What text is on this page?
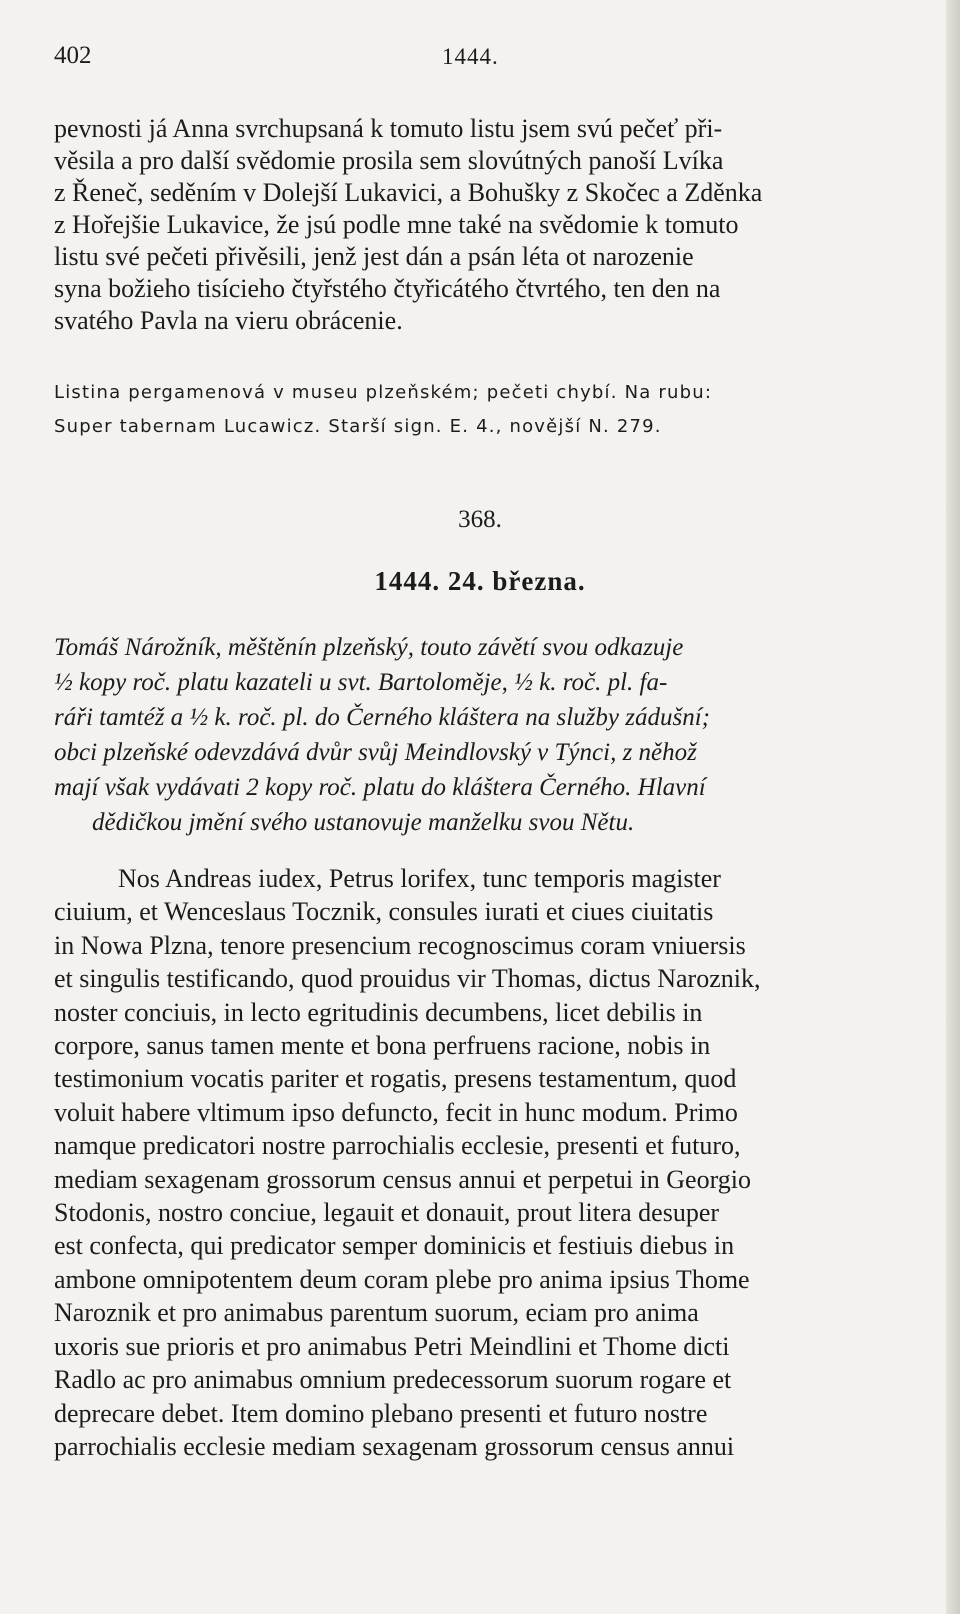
402	1444.

pevnosti já Anna svrchupsaná k tomuto listu jsem svú pečeť při-

věsila a pro další svědomie prosila sem slovútných panoší Lvíka

z Řeneč, seděním v Dolejší Lukavici, a Bohušky z Skočec a Zděnka

z Hořejšie Lukavice, že jsú podle mne také na svědomie k tomuto

listu své pečeti přivěsili, jenž jest dán a psán léta ot narozenie

syna božieho tisícieho čtyřstého čtyřicátého čtvrtého, ten den na

svatého Pavla na vieru obrácenie.

Listina pergamenová v museu plzeňském; pečeti chybí. Na rubu:

Super tabernam Lucawicz. Starší sign. E. 4., novější N. 279.

368.
1444. 24. března.

Tomáš Nárožník, měštěnín plzeňský, touto závětí svou odkazuje

½ kopy roč. platu kazateli u svt. Bartoloměje, ½ k. roč. pl. fa-

ráři tamtéž a ½ k. roč. pl. do Černého kláštera na služby zádušní;

obci plzeňské odevzdává dvůr svůj Meindlovský v Týnci, z něhož

mají však vydávati 2 kopy roč. platu do kláštera Černého. Hlavní

dědičkou jmění svého ustanovuje manželku svou Nětu.

Nos Andreas iudex, Petrus lorifex, tunc temporis magister

ciuium, et Wenceslaus Tocznik, consules iurati et ciues ciuitatis

in Nowa Plzna, tenore presencium recognoscimus coram vniuersis

et singulis testificando, quod prouidus vir Thomas, dictus Naroznik,

noster conciuis, in lecto egritudinis decumbens, licet debilis in

corpore, sanus tamen mente et bona perfruens racione, nobis in

testimonium vocatis pariter et rogatis, presens testamentum, quod

voluit habere vltimum ipso defuncto, fecit in hunc modum. Primo

namque predicatori nostre parrochialis ecclesie, presenti et futuro,

mediam sexagenam grossorum census annui et perpetui in Georgio

Stodonis, nostro conciue, legauit et donauit, prout litera desuper

est confecta, qui predicator semper dominicis et festiuis diebus in

ambone omnipotentem deum coram plebe pro anima ipsius Thome

Naroznik et pro animabus parentum suorum, eciam pro anima

uxoris sue prioris et pro animabus Petri Meindlini et Thome dicti

Radlo ac pro animabus omnium predecessorum suorum rogare et

deprecare debet. Item domino plebano presenti et futuro nostre

parrochialis ecclesie mediam sexagenam grossorum census annui
